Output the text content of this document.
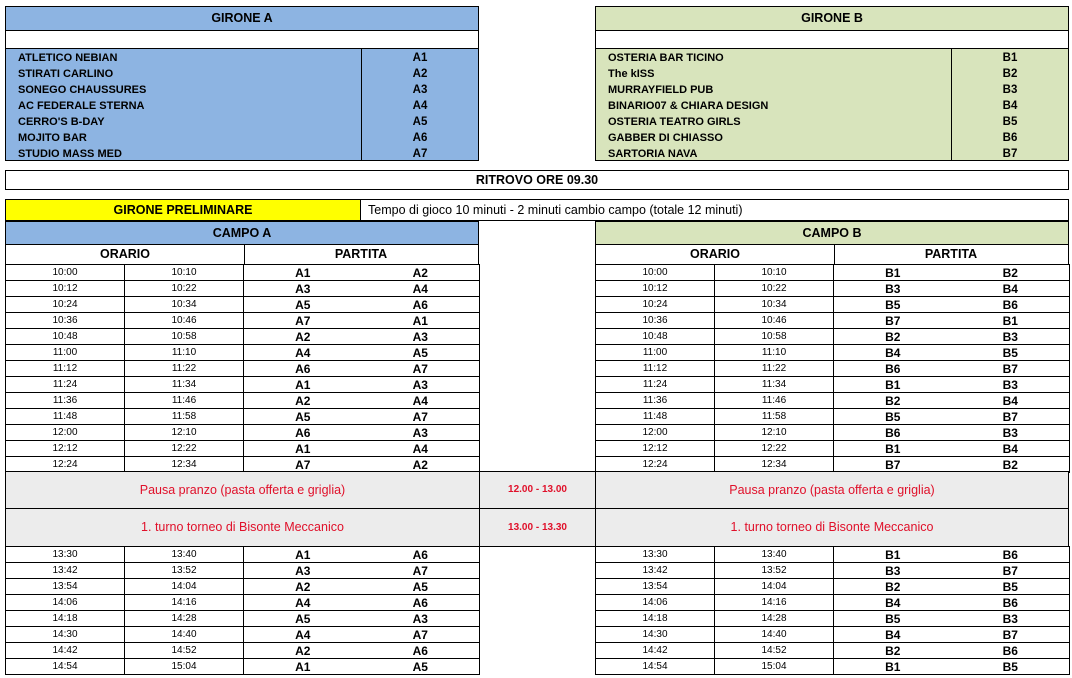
GIRONE A
ATLETICO NEBIAN	A1
STIRATI CARLINO	A2
SONEGO CHAUSSURES	A3
AC FEDERALE STERNA	A4
CERRO'S B-DAY	A5
MOJITO BAR	A6
STUDIO MASS MED	A7
GIRONE B
OSTERIA BAR TICINO	B1
The kISS	B2
MURRAYFIELD PUB	B3
BINARIO07 & CHIARA DESIGN	B4
OSTERIA TEATRO GIRLS	B5
GABBER DI CHIASSO	B6
SARTORIA NAVA	B7
RITROVO ORE 09.30
GIRONE PRELIMINARE	Tempo di gioco 10 minuti - 2 minuti cambio campo (totale 12 minuti)
CAMPO A
ORARIO	PARTITA
CAMPO B
ORARIO	PARTITA
10:00	10:10	A1	A2
10:12	10:22	A3	A4
10:24	10:34	A5	A6
10:36	10:46	A7	A1
10:48	10:58	A2	A3
11:00	11:10	A4	A5
11:12	11:22	A6	A7
11:24	11:34	A1	A3
11:36	11:46	A2	A4
11:48	11:58	A5	A7
12:00	12:10	A6	A3
12:12	12:22	A1	A4
12:24	12:34	A7	A2
10:00	10:10	B1	B2
10:12	10:22	B3	B4
10:24	10:34	B5	B6
10:36	10:46	B7	B1
10:48	10:58	B2	B3
11:00	11:10	B4	B5
11:12	11:22	B6	B7
11:24	11:34	B1	B3
11:36	11:46	B2	B4
11:48	11:58	B5	B7
12:00	12:10	B6	B3
12:12	12:22	B1	B4
12:24	12:34	B7	B2
Pausa pranzo (pasta offerta e griglia)	12.00 - 13.00	Pausa pranzo (pasta offerta e griglia)
1. turno torneo di Bisonte Meccanico	13.00 - 13.30	1. turno torneo di Bisonte Meccanico
13:30	13:40	A1	A6
13:42	13:52	A3	A7
13:54	14:04	A2	A5
14:06	14:16	A4	A6
14:18	14:28	A5	A3
14:30	14:40	A4	A7
14:42	14:52	A2	A6
14:54	15:04	A1	A5
13:30	13:40	B1	B6
13:42	13:52	B3	B7
13:54	14:04	B2	B5
14:06	14:16	B4	B6
14:18	14:28	B5	B3
14:30	14:40	B4	B7
14:42	14:52	B2	B6
14:54	15:04	B1	B5
